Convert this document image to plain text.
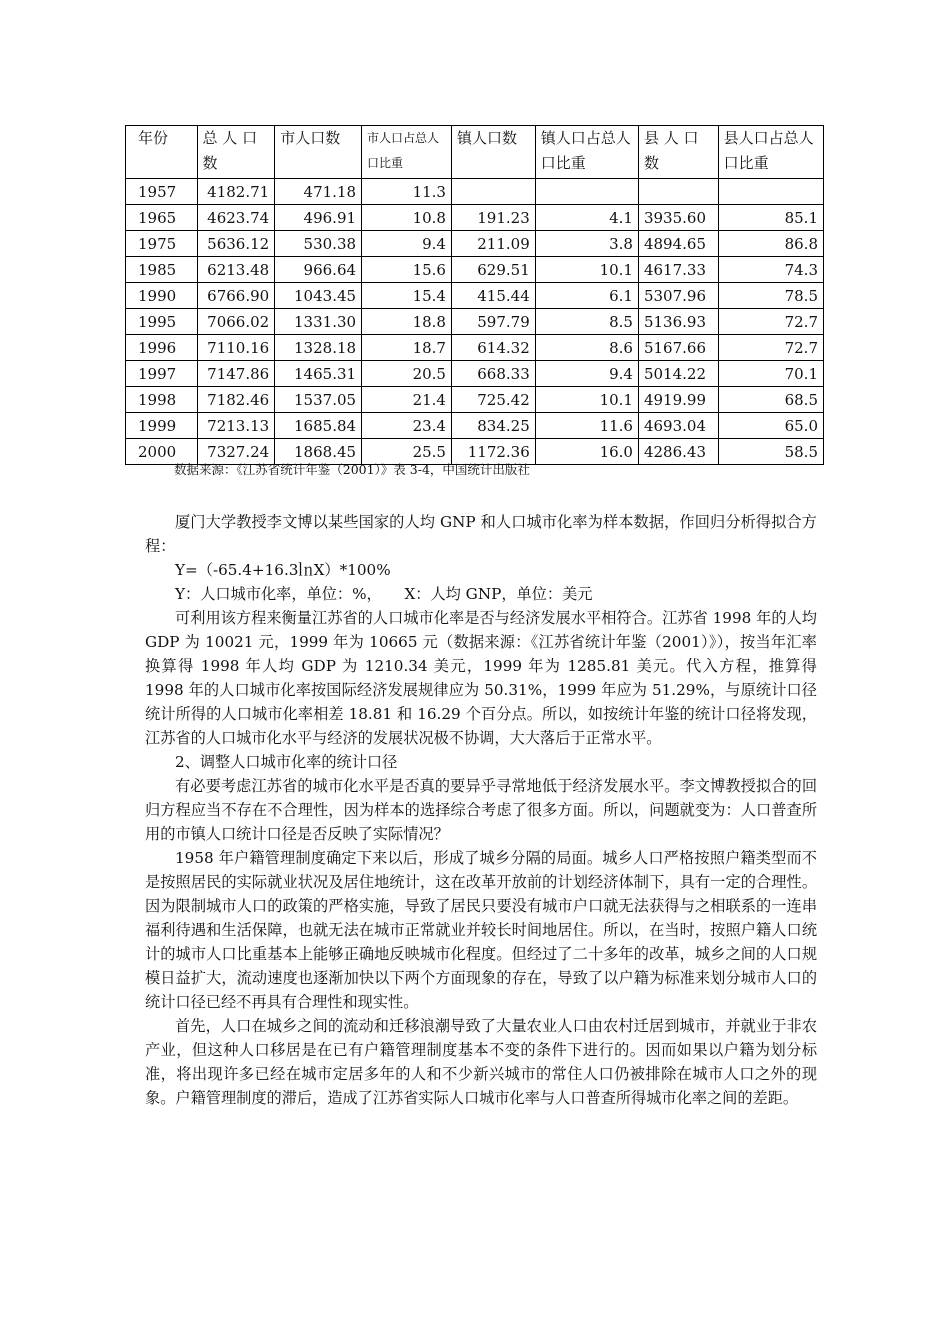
年份	总 人 口 数	市人口数	市人口占总人口比重	镇人口数	镇人口占总人口比重	县 人 口 数	县人口占总人口比重
1957	4182.71	471.18	11.3				
1965	4623.74	496.91	10.8	191.23	4.1	3935.60	85.1
1975	5636.12	530.38	9.4	211.09	3.8	4894.65	86.8
1985	6213.48	966.64	15.6	629.51	10.1	4617.33	74.3
1990	6766.90	1043.45	15.4	415.44	6.1	5307.96	78.5
1995	7066.02	1331.30	18.8	597.79	8.5	5136.93	72.7
1996	7110.16	1328.18	18.7	614.32	8.6	5167.66	72.7
1997	7147.86	1465.31	20.5	668.33	9.4	5014.22	70.1
1998	7182.46	1537.05	21.4	725.42	10.1	4919.99	68.5
1999	7213.13	1685.84	23.4	834.25	11.6	4693.04	65.0
2000	7327.24	1868.45	25.5	1172.36	16.0	4286.43	58.5
数据来源：《江苏省统计年鉴（2001）》表 3-4，中国统计出版社

厦门大学教授李文博以某些国家的人均 GNP 和人口城市化率为样本数据，作回归分析得拟合方程：

Y=（-65.4+16.3㏑X）*100%

Y：人口城市化率，单位：%，　　X：人均 GNP，单位：美元

可利用该方程来衡量江苏省的人口城市化率是否与经济发展水平相符合。江苏省 1998 年的人均 GDP 为 10021 元，1999 年为 10665 元（数据来源：《江苏省统计年鉴（2001）》），按当年汇率换算得 1998 年人均 GDP 为 1210.34 美元，1999 年为 1285.81 美元。代入方程，推算得 1998 年的人口城市化率按国际经济发展规律应为 50.31%，1999 年应为 51.29%，与原统计口径统计所得的人口城市化率相差 18.81 和 16.29 个百分点。所以，如按统计年鉴的统计口径将发现，江苏省的人口城市化水平与经济的发展状况极不协调，大大落后于正常水平。

2、调整人口城市化率的统计口径

有必要考虑江苏省的城市化水平是否真的要异乎寻常地低于经济发展水平。李文博教授拟合的回归方程应当不存在不合理性，因为样本的选择综合考虑了很多方面。所以，问题就变为：人口普查所用的市镇人口统计口径是否反映了实际情况？

1958 年户籍管理制度确定下来以后，形成了城乡分隔的局面。城乡人口严格按照户籍类型而不是按照居民的实际就业状况及居住地统计，这在改革开放前的计划经济体制下，具有一定的合理性。因为限制城市人口的政策的严格实施，导致了居民只要没有城市户口就无法获得与之相联系的一连串福利待遇和生活保障，也就无法在城市正常就业并较长时间地居住。所以，在当时，按照户籍人口统计的城市人口比重基本上能够正确地反映城市化程度。但经过了二十多年的改革，城乡之间的人口规模日益扩大，流动速度也逐渐加快以下两个方面现象的存在，导致了以户籍为标准来划分城市人口的统计口径已经不再具有合理性和现实性。

首先，人口在城乡之间的流动和迁移浪潮导致了大量农业人口由农村迁居到城市，并就业于非农产业，但这种人口移居是在已有户籍管理制度基本不变的条件下进行的。因而如果以户籍为划分标准，将出现许多已经在城市定居多年的人和不少新兴城市的常住人口仍被排除在城市人口之外的现象。户籍管理制度的滞后，造成了江苏省实际人口城市化率与人口普查所得城市化率之间的差距。
